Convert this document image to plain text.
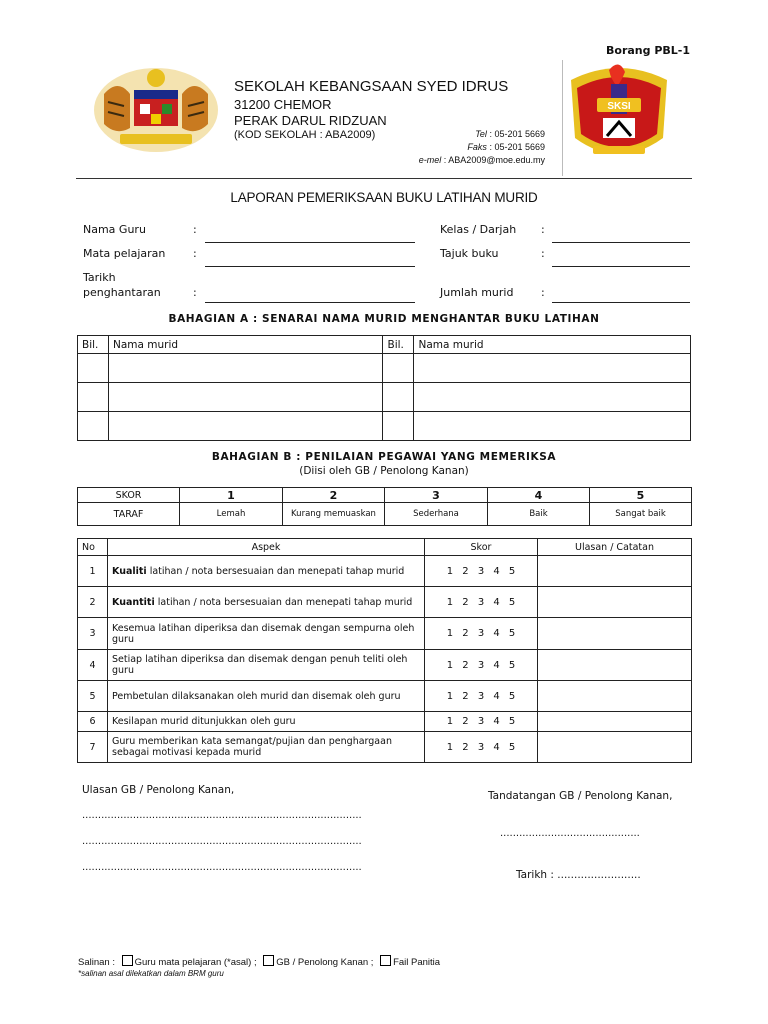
Borang PBL-1
SEKOLAH KEBANGSAAN SYED IDRUS
31200 CHEMOR
PERAK DARUL RIDZUAN
(KOD SEKOLAH : ABA2009)	Tel : 05-201 5669
Faks : 05-201 5669
e-mel : ABA2009@moe.edu.my
SKSI
LAPORAN PEMERIKSAAN BUKU LATIHAN MURID
Nama Guru	:
Mata pelajaran	:
Tarikh
penghantaran	:
Kelas / Darjah :
Tajuk buku	:
Jumlah murid	:
BAHAGIAN A : SENARAI NAMA MURID MENGHANTAR BUKU LATIHAN
Bil.	Nama murid	Bil.	Nama murid

BAHAGIAN B : PENILAIAN PEGAWAI YANG MEMERIKSA
(Diisi oleh GB / Penolong Kanan)
SKOR	1	2	3	4	5
TARAF	Lemah	Kurang memuaskan	Sederhana	Baik	Sangat baik
No	Aspek	Skor	Ulasan / Catatan
1	Kualiti latihan / nota bersesuaian dan menepati tahap murid	1 2 3 4 5	
2	Kuantiti latihan / nota bersesuaian dan menepati tahap murid	1 2 3 4 5	
3	Kesemua latihan diperiksa dan disemak dengan sempurna oleh guru	1 2 3 4 5	
4	Setiap latihan diperiksa dan disemak dengan penuh teliti oleh guru	1 2 3 4 5	
5	Pembetulan dilaksanakan oleh murid dan disemak oleh guru	1 2 3 4 5	
6	Kesilapan murid ditunjukkan oleh guru	1 2 3 4 5	
7	Guru memberikan kata semangat/pujian dan penghargaan sebagai motivasi kepada murid	1 2 3 4 5	
Ulasan GB / Penolong Kanan,
........................................................................................
........................................................................................
........................................................................................
Tandatangan GB / Penolong Kanan,
............................................
Tarikh : .........................
Salinan : Guru mata pelajaran (*asal) ; GB / Penolong Kanan ; Fail Panitia
*salinan asal dilekatkan dalam BRM guru
